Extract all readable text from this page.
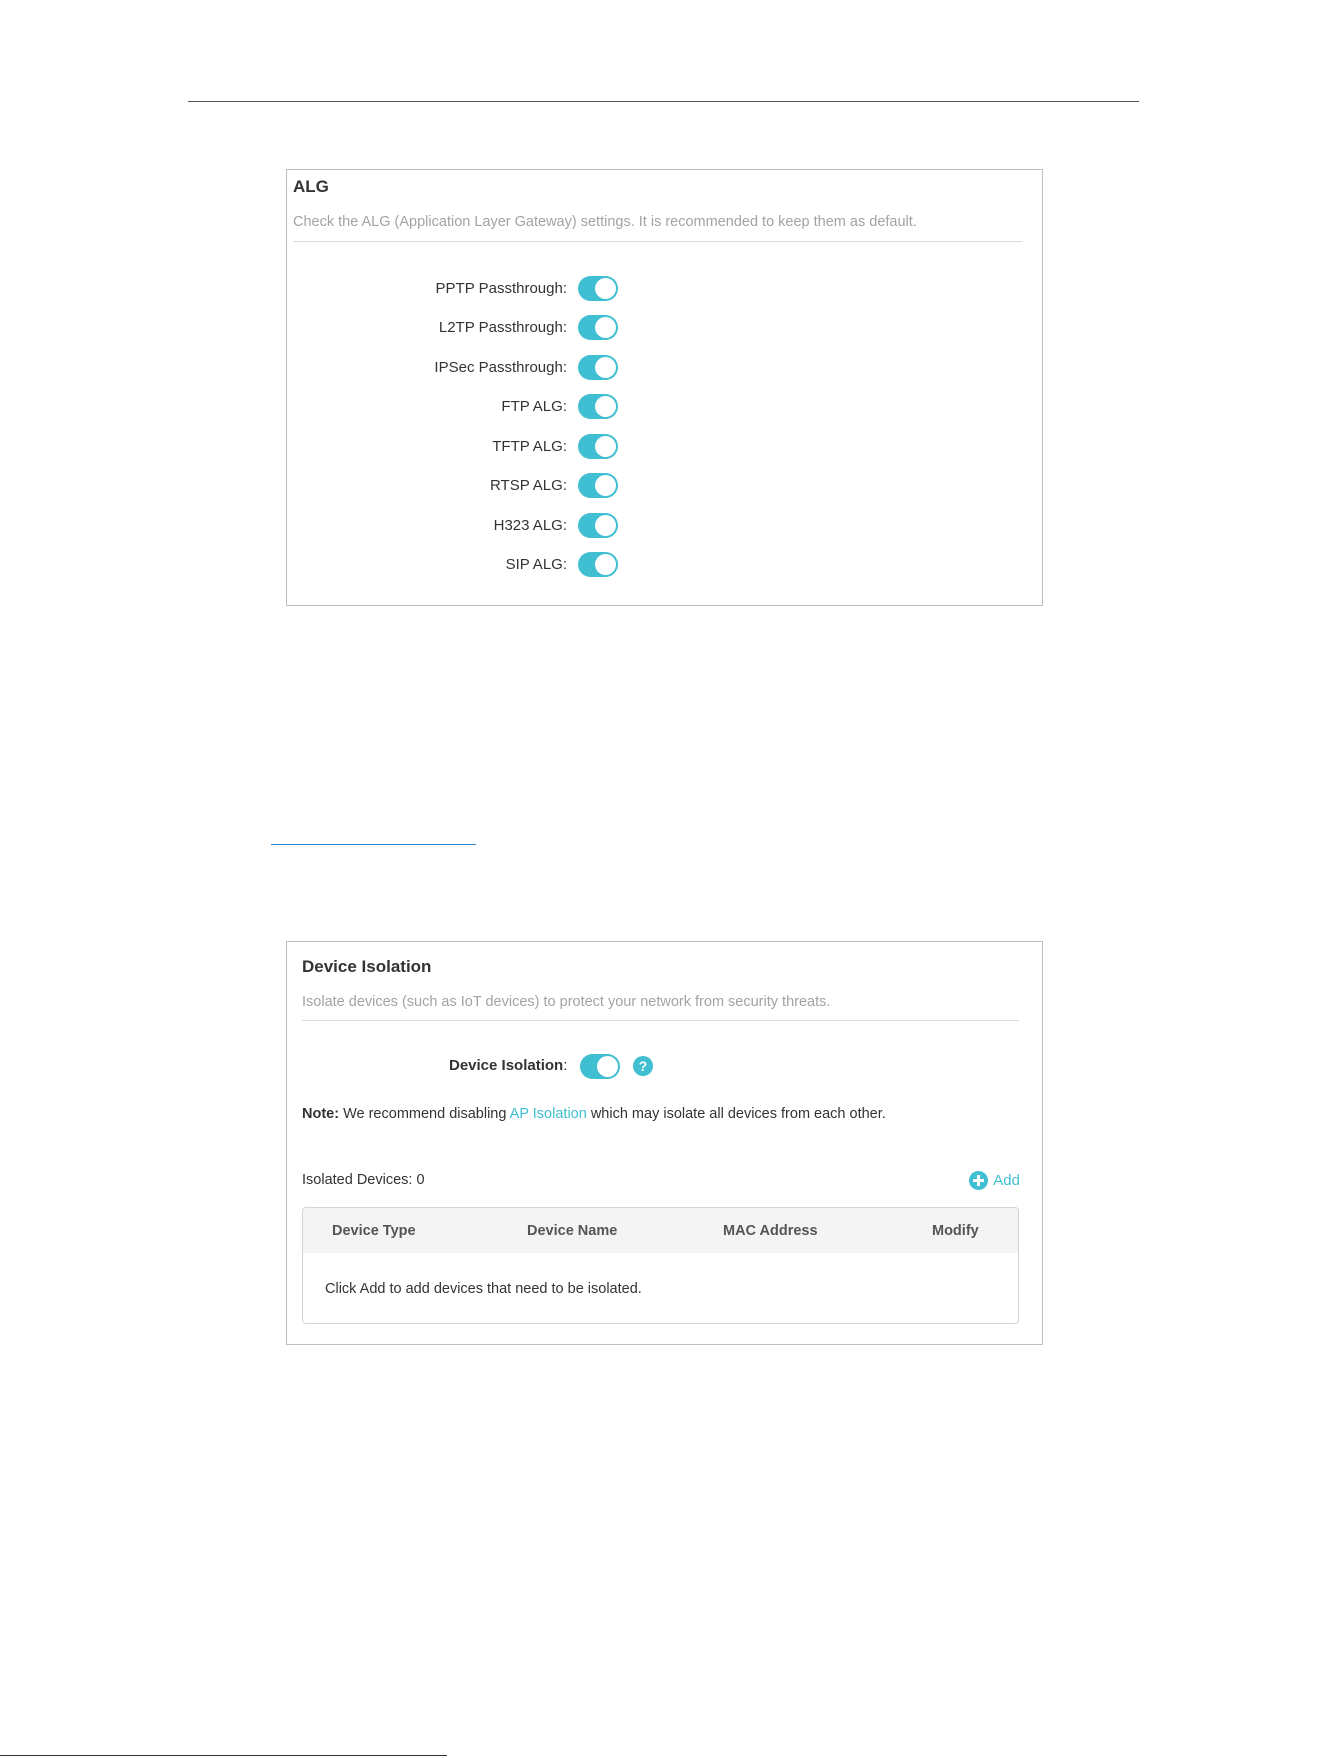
ALG
Check the ALG (Application Layer Gateway) settings. It is recommended to keep them as default.
PPTP Passthrough:
L2TP Passthrough:
IPSec Passthrough:
FTP ALG:
TFTP ALG:
RTSP ALG:
H323 ALG:
SIP ALG:
Device Isolation
Isolate devices (such as IoT devices) to protect your network from security threats.
Device Isolation:	?
Note: We recommend disabling AP Isolation which may isolate all devices from each other.
Isolated Devices: 0	Add
Device Type	Device Name	MAC Address	Modify
Click Add to add devices that need to be isolated.
